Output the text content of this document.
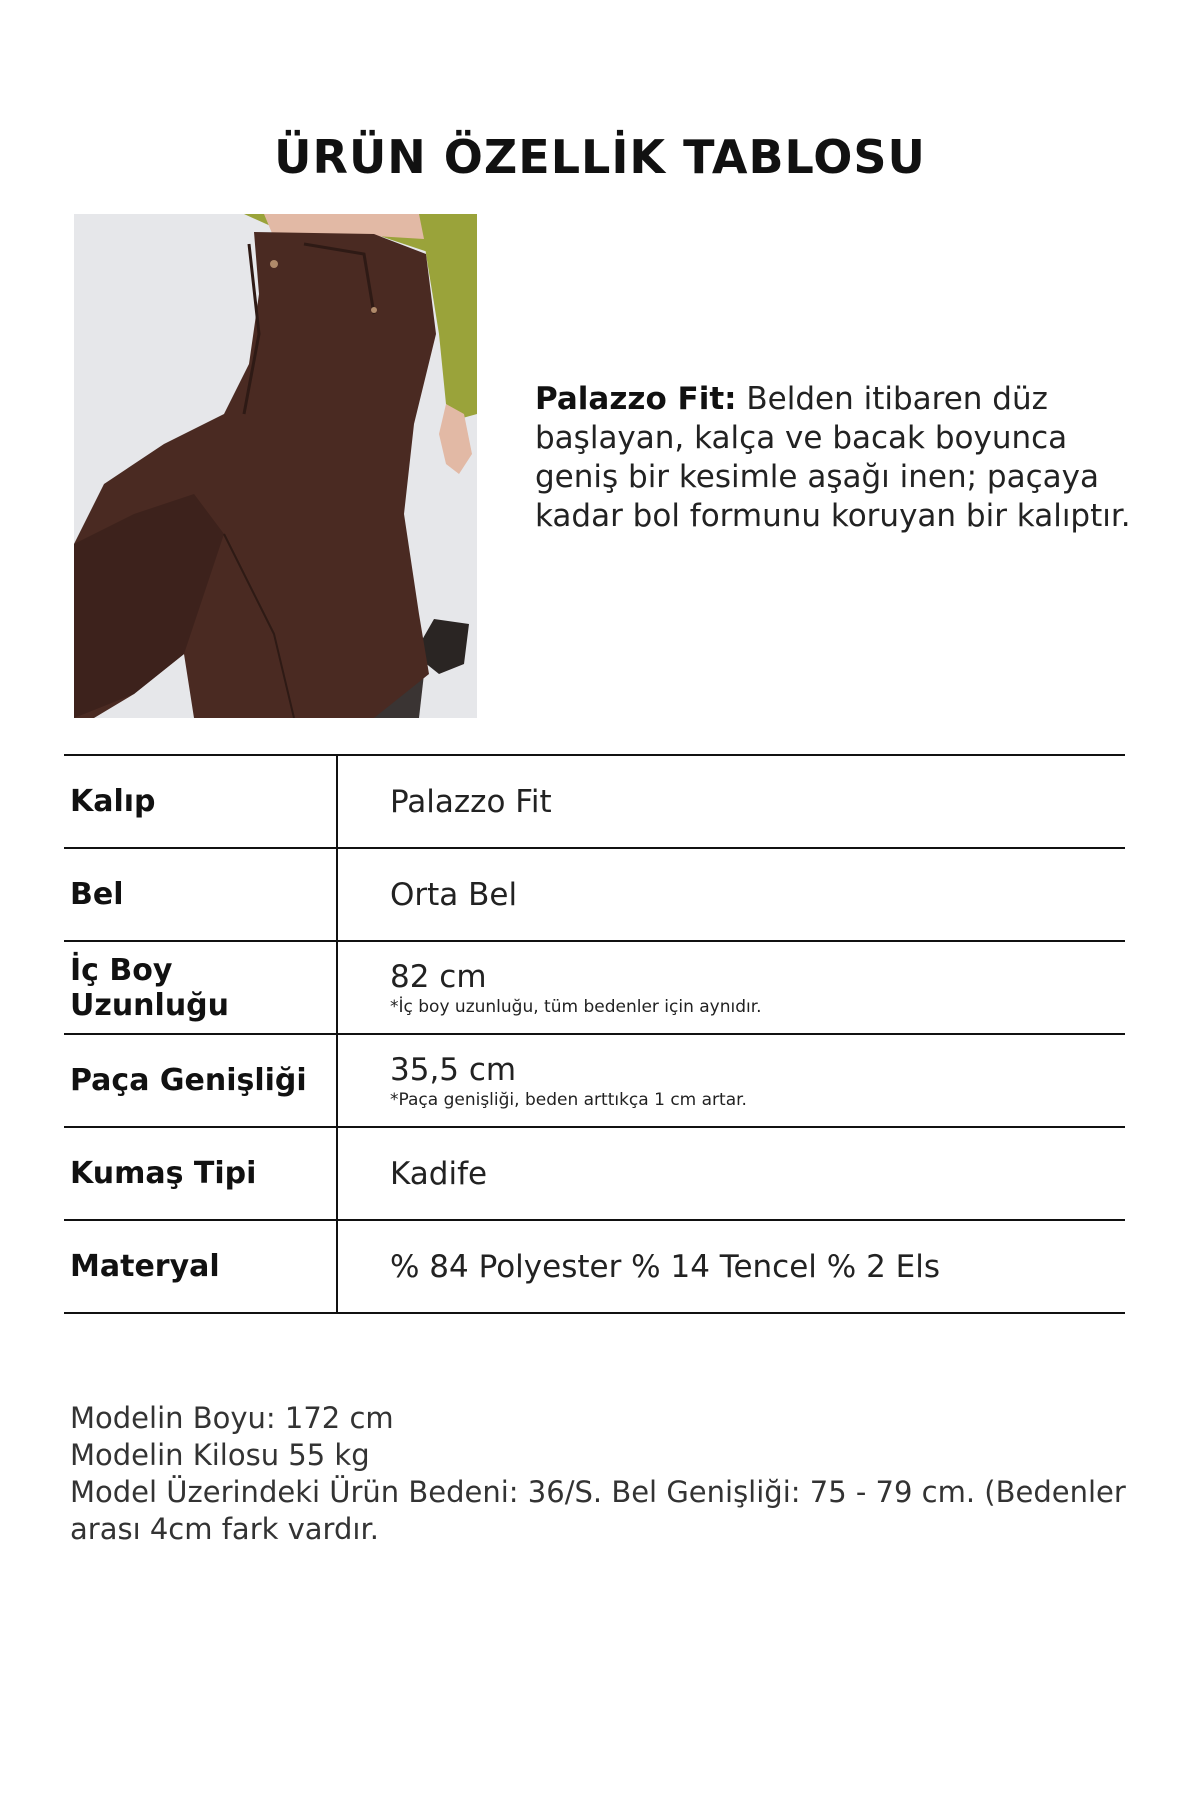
ÜRÜN ÖZELLİK TABLOSU
Palazzo Fit: Belden itibaren düz başlayan, kalça ve bacak boyunca geniş bir kesimle aşağı inen; paçaya kadar bol formunu koruyan bir kalıptır.
Kalıp	Palazzo Fit
Bel	Orta Bel
İç Boy Uzunluğu	82 cm
*İç boy uzunluğu, tüm bedenler için aynıdır.

Paça Genişliği	35,5 cm
*Paça genişliği, beden arttıkça 1 cm artar.

Kumaş Tipi	Kadife
Materyal	% 84 Polyester % 14 Tencel % 2 Els
Modelin Boyu: 172 cm
Modelin Kilosu 55 kg
Model Üzerindeki Ürün Bedeni: 36/S. Bel Genişliği: 75 - 79 cm. (Bedenler arası 4cm fark vardır.
